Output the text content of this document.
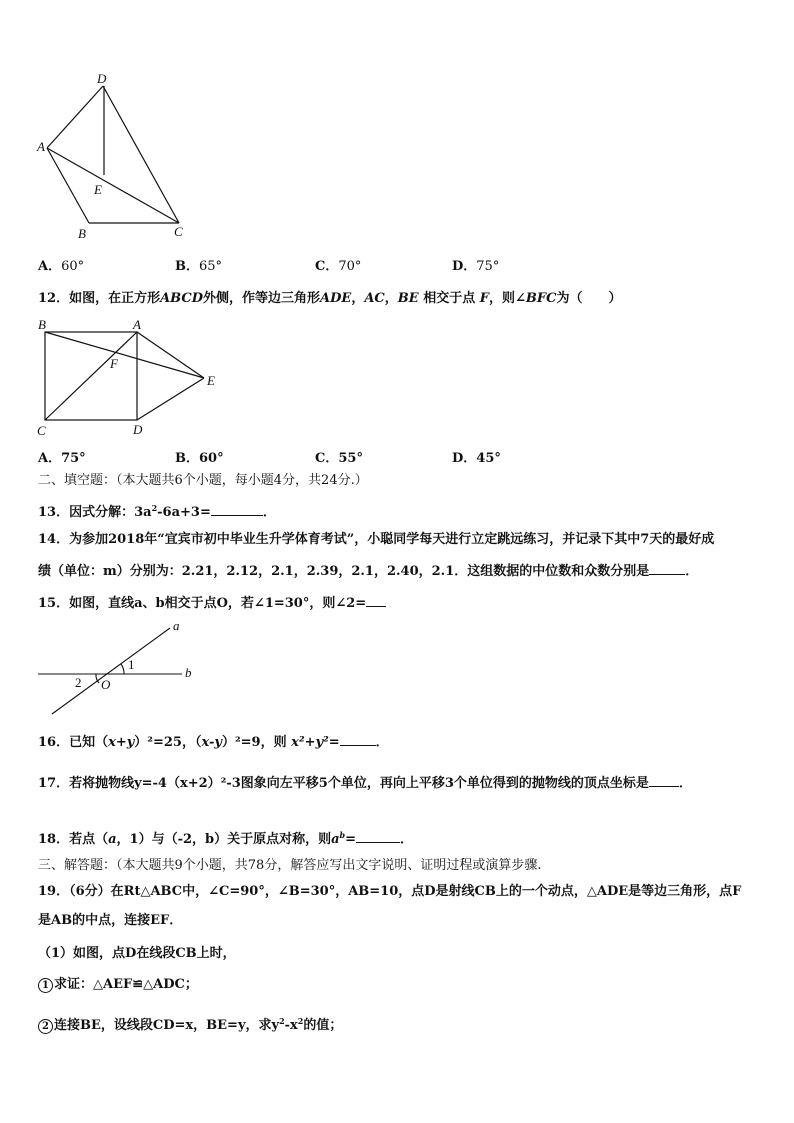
D
A
E
B	C
A．60°	B．65°	C．70°	D．75°
12．如图，在正方形ABCD外侧，作等边三角形ADE，AC，BE 相交于点 F，则∠BFC为（　　）
B	A
F
E
C	D
A．75°	B．60°	C．55°	D．45°
二、填空题：（本大题共6个小题，每小题4分，共24分.）
13．因式分解：$3a^2-6a+3=$	．
14．为参加2018年“宜宾市初中毕业生升学体育考试”，小聪同学每天进行立定跳远练习，并记录下其中7天的最好成
绩（单位：m）分别为：2.21，2.12，2.1，2.39，2.1，2.40，2.1．这组数据的中位数和众数分别是	．
15．如图，直线a、b相交于点O，若∠1=30°，则∠2=
a
b
1
2 O
16．已知（x+y）²=25，（x-y）²=9，则 x²+y²=	．
17．若将抛物线y=-4（x+2）²-3图象向左平移5个单位，再向上平移3个单位得到的抛物线的顶点坐标是 ．
18．若点（a，1）与（-2，b）关于原点对称，则$a^b=$	．
三、解答题：（本大题共9个小题，共78分，解答应写出文字说明、证明过程或演算步骤.
19．（6分）在Rt△ABC中，∠C=90°，∠B=30°，AB=10，点D是射线CB上的一个动点，△ADE是等边三角形，点F
是AB的中点，连接EF．
（1）如图，点D在线段CB上时，
1 求证：△AEF≌△ADC；
2 连接BE，设线段CD=x，BE=y，求$y^2-x^2$的值；
